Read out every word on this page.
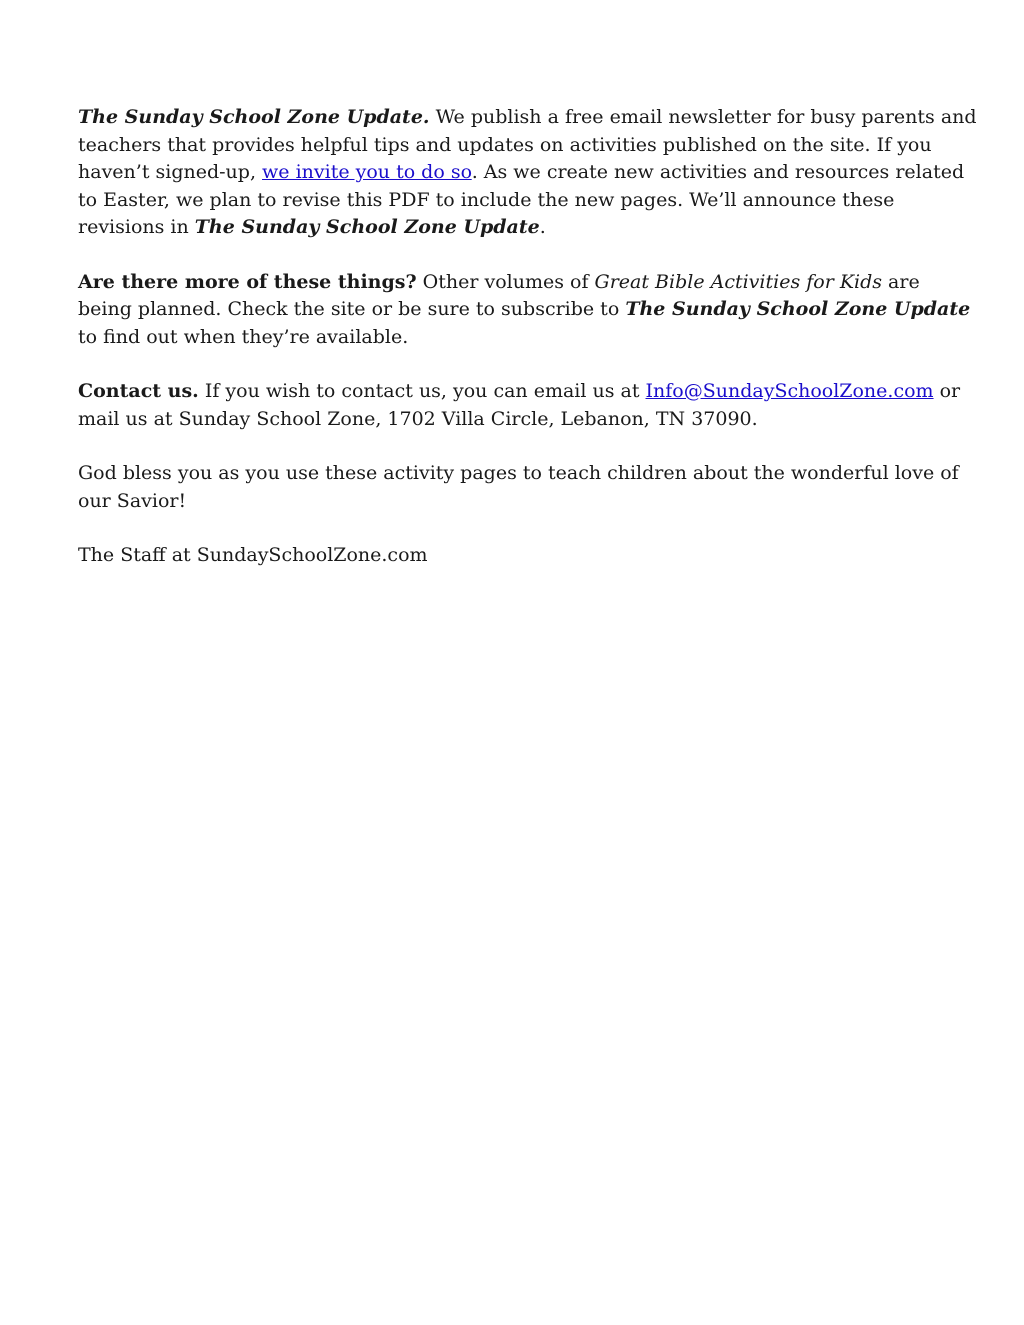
The Sunday School Zone Update. We publish a free email newsletter for busy parents and teachers that provides helpful tips and updates on activities published on the site. If you haven’t signed-up, we invite you to do so. As we create new activities and resources related to Easter, we plan to revise this PDF to include the new pages. We’ll announce these revisions in The Sunday School Zone Update.

Are there more of these things? Other volumes of Great Bible Activities for Kids are being planned. Check the site or be sure to subscribe to The Sunday School Zone Update to find out when they’re available.

Contact us. If you wish to contact us, you can email us at Info@SundaySchoolZone.com or mail us at Sunday School Zone, 1702 Villa Circle, Lebanon, TN 37090.

God bless you as you use these activity pages to teach children about the wonderful love of our Savior!

The Staff at SundaySchoolZone.com
